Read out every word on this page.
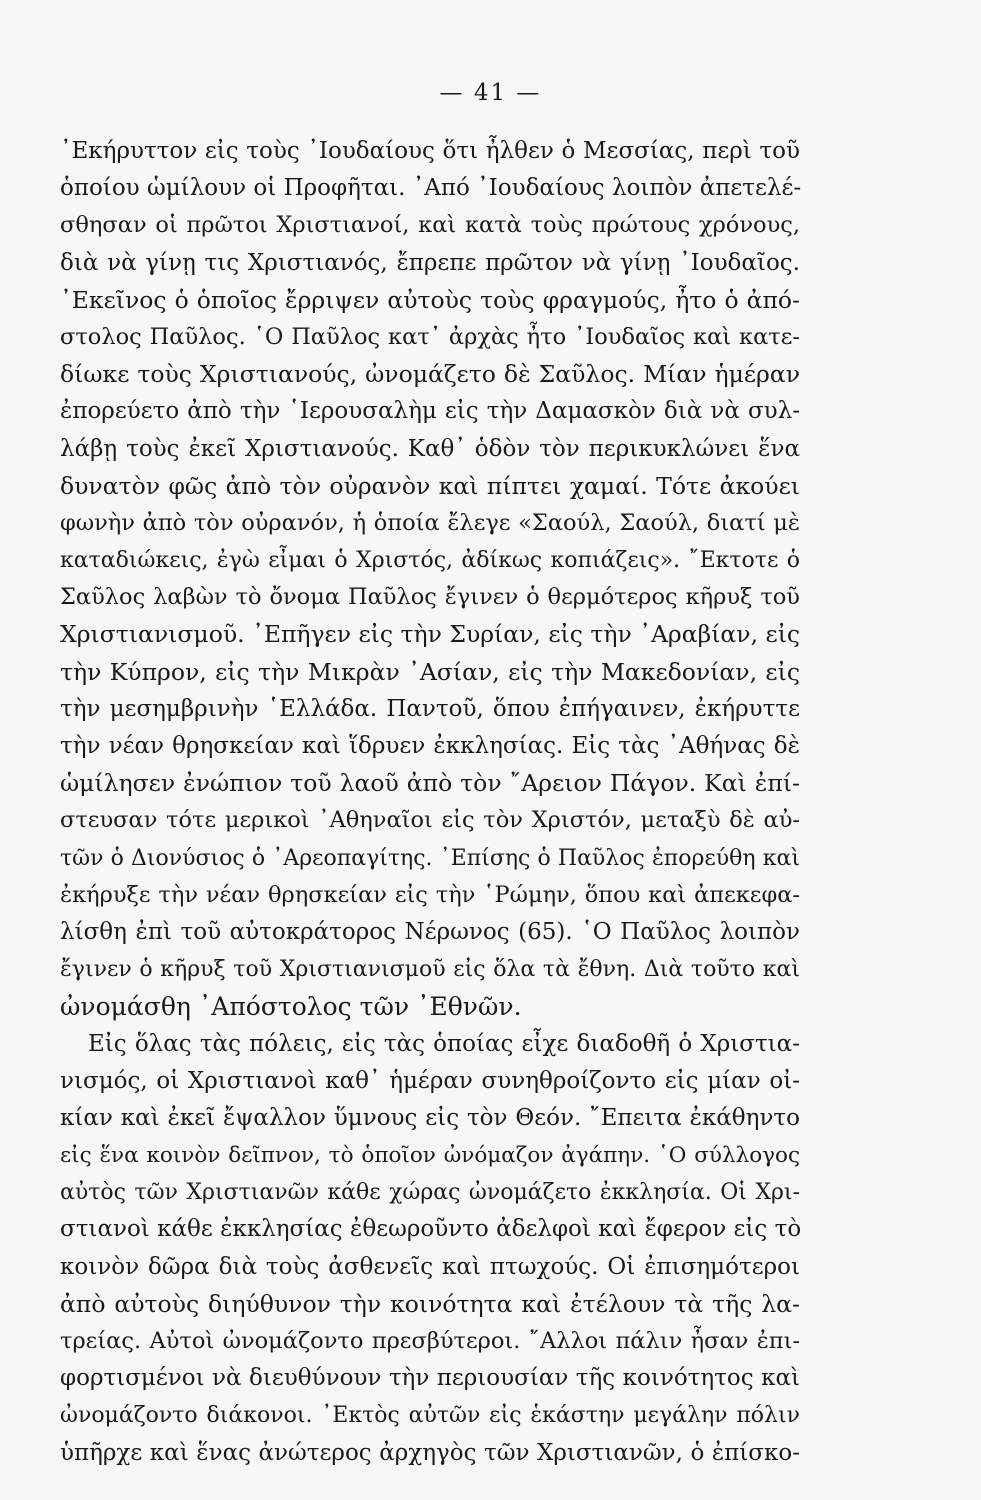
— 41 —
᾿Εκήρυττον εἰς τοὺς ᾿Ιουδαίους ὅτι ἦλθεν ὁ Μεσσίας, περὶ τοῦ
ὁποίου ὡμίλουν οἱ Προφῆται. ᾿Από ᾿Ιουδαίους λοιπὸν ἀπετελέ-
σθησαν οἱ πρῶτοι Χριστιανοί, καὶ κατὰ τοὺς πρώτους χρόνους,
διὰ νὰ γίνῃ τις Χριστιανός, ἔπρεπε πρῶτον νὰ γίνῃ ᾿Ιουδαῖος.
᾿Εκεῖνος ὁ ὁποῖος ἔρριψεν αὐτοὺς τοὺς φραγμούς, ἦτο ὁ ἀπό-
στολος Παῦλος. ῾Ο Παῦλος κατ᾿ ἀρχὰς ἦτο ᾿Ιουδαῖος καὶ κατε-
δίωκε τοὺς Χριστιανούς, ὠνομάζετο δὲ Σαῦλος. Μίαν ἡμέραν
ἐπορεύετο ἀπὸ τὴν ῾Ιερουσαλὴμ εἰς τὴν Δαμασκὸν διὰ νὰ συλ-
λάβῃ τοὺς ἐκεῖ Χριστιανούς. Καθ᾿ ὁδὸν τὸν περικυκλώνει ἕνα
δυνατὸν φῶς ἀπὸ τὸν οὐρανὸν καὶ πίπτει χαμαί. Τότε ἀκούει
φωνὴν ἀπὸ τὸν οὐρανόν, ἡ ὁποία ἔλεγε «Σαούλ, Σαούλ, διατί μὲ
καταδιώκεις, ἐγὼ εἶμαι ὁ Χριστός, ἀδίκως κοπιάζεις». ῎Εκτοτε ὁ
Σαῦλος λαβὼν τὸ ὄνομα Παῦλος ἔγινεν ὁ θερμότερος κῆρυξ τοῦ
Χριστιανισμοῦ. ᾿Επῆγεν εἰς τὴν Συρίαν, εἰς τὴν ᾿Αραβίαν, εἰς
τὴν Κύπρον, εἰς τὴν Μικρὰν ᾿Ασίαν, εἰς τὴν Μακεδονίαν, εἰς
τὴν μεσημβρινὴν ῾Ελλάδα. Παντοῦ, ὅπου ἐπήγαινεν, ἐκήρυττε
τὴν νέαν θρησκείαν καὶ ἵδρυεν ἐκκλησίας. Εἰς τὰς ᾿Αθήνας δὲ
ὡμίλησεν ἐνώπιον τοῦ λαοῦ ἀπὸ τὸν ῎Αρειον Πάγον. Καὶ ἐπί-
στευσαν τότε μερικοὶ ᾿Αθηναῖοι εἰς τὸν Χριστόν, μεταξὺ δὲ αὐ-
τῶν ὁ Διονύσιος ὁ ᾿Αρεοπαγίτης. ᾿Επίσης ὁ Παῦλος ἐπορεύθη καὶ
ἐκήρυξε τὴν νέαν θρησκείαν εἰς τὴν ῾Ρώμην, ὅπου καὶ ἀπεκεφα-
λίσθη ἐπὶ τοῦ αὐτοκράτορος Νέρωνος (65). ῾Ο Παῦλος λοιπὸν
ἔγινεν ὁ κῆρυξ τοῦ Χριστιανισμοῦ εἰς ὅλα τὰ ἔθνη. Διὰ τοῦτο καὶ
ὠνομάσθη ᾿Απόστολος τῶν ᾿Εθνῶν.
Εἰς ὅλας τὰς πόλεις, εἰς τὰς ὁποίας εἶχε διαδοθῆ ὁ Χριστια-
νισμός, οἱ Χριστιανοὶ καθ᾿ ἡμέραν συνηθροίζοντο εἰς μίαν οἰ-
κίαν καὶ ἐκεῖ ἔψαλλον ὕμνους εἰς τὸν Θεόν. ῎Επειτα ἐκάθηντο
εἰς ἕνα κοινὸν δεῖπνον, τὸ ὁποῖον ὠνόμαζον ἀγάπην. ῾Ο σύλλογος
αὐτὸς τῶν Χριστιανῶν κάθε χώρας ὠνομάζετο ἐκκλησία. Οἱ Χρι-
στιανοὶ κάθε ἐκκλησίας ἐθεωροῦντο ἀδελφοὶ καὶ ἔφερον εἰς τὸ
κοινὸν δῶρα διὰ τοὺς ἀσθενεῖς καὶ πτωχούς. Οἱ ἐπισημότεροι
ἀπὸ αὐτοὺς διηύθυνον τὴν κοινότητα καὶ ἐτέλουν τὰ τῆς λα-
τρείας. Αὐτοὶ ὠνομάζοντο πρεσβύτεροι. ῎Αλλοι πάλιν ἦσαν ἐπι-
φορτισμένοι νὰ διευθύνουν τὴν περιουσίαν τῆς κοινότητος καὶ
ὠνομάζοντο διάκονοι. ᾿Εκτὸς αὐτῶν εἰς ἑκάστην μεγάλην πόλιν
ὑπῆρχε καὶ ἕνας ἀνώτερος ἀρχηγὸς τῶν Χριστιανῶν, ὁ ἐπίσκο-
